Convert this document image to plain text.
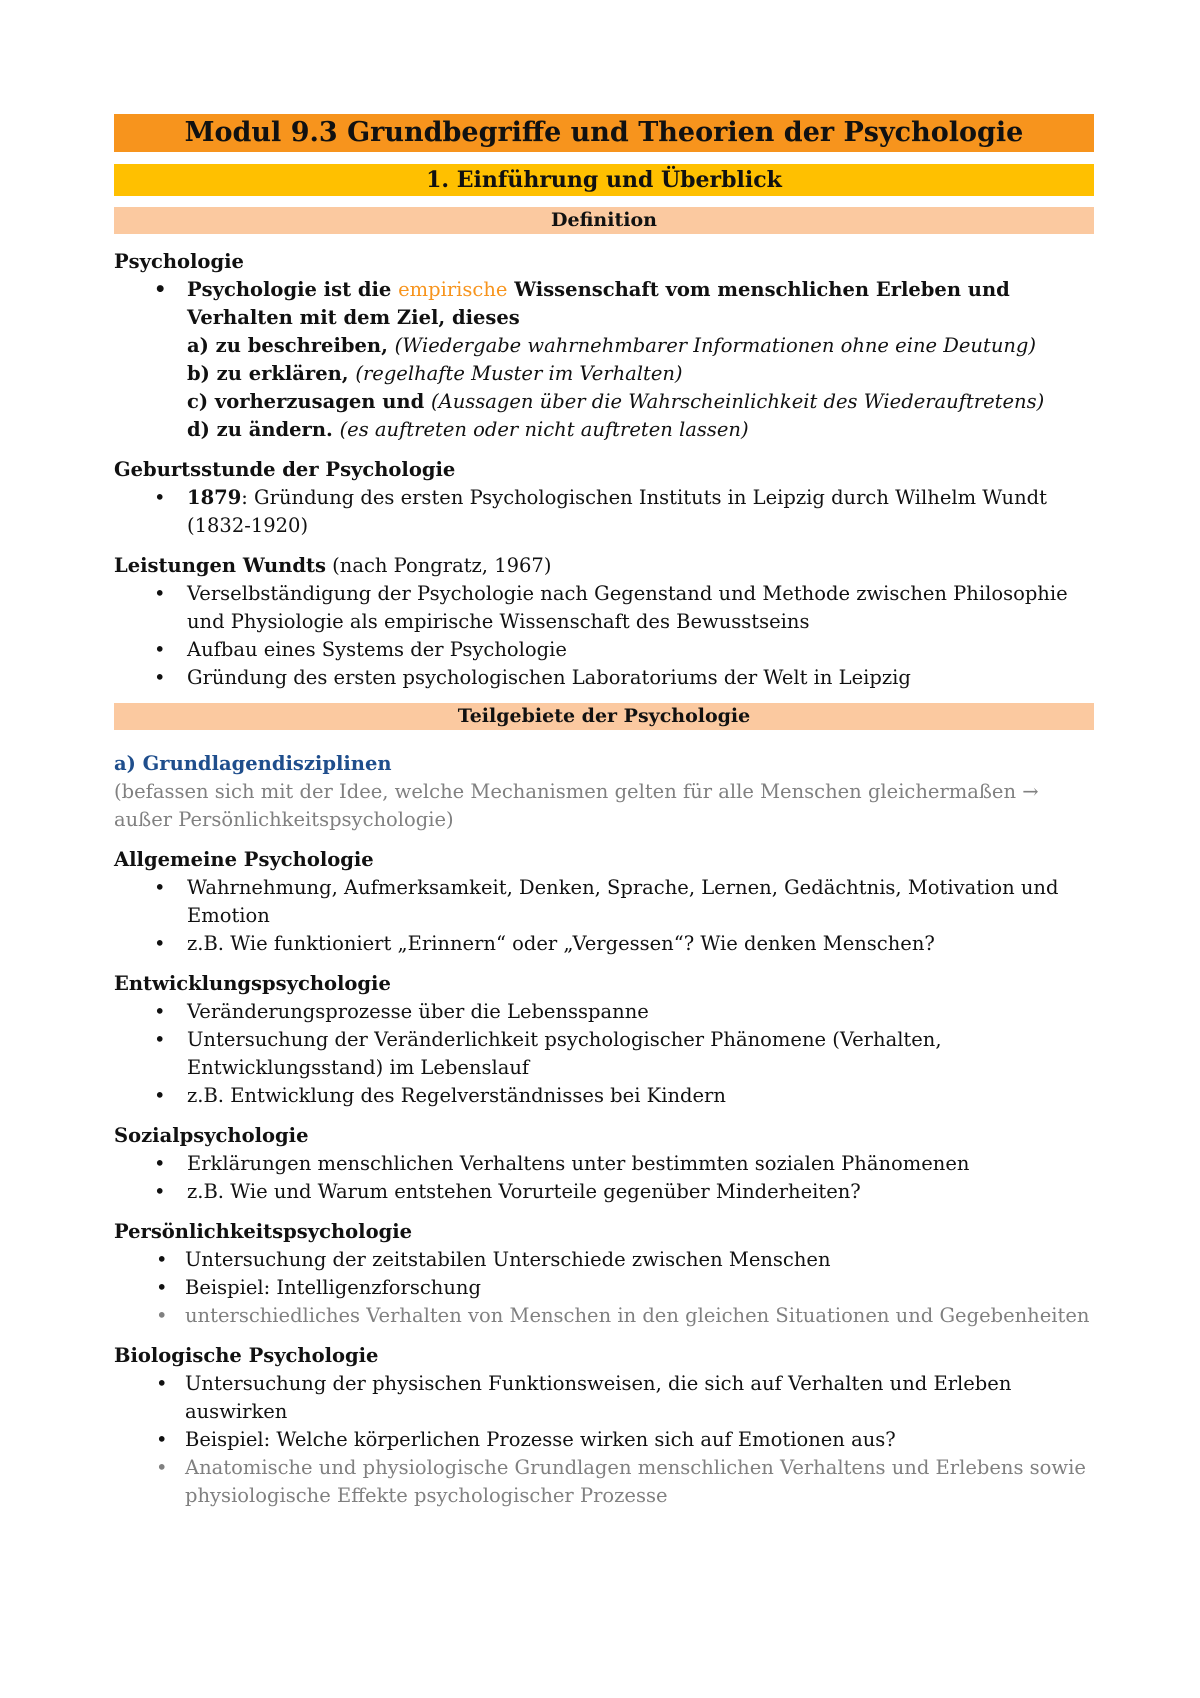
Modul 9.3 Grundbegriffe und Theorien der Psychologie
1. Einführung und Überblick
Definition
Psychologie
• Psychologie ist die empirische Wissenschaft vom menschlichen Erleben und Verhalten mit dem Ziel, dieses
a) zu beschreiben, (Wiedergabe wahrnehmbarer Informationen ohne eine Deutung)
b) zu erklären, (regelhafte Muster im Verhalten)
c) vorherzusagen und (Aussagen über die Wahrscheinlichkeit des Wiederauftretens)
d) zu ändern. (es auftreten oder nicht auftreten lassen)
Geburtsstunde der Psychologie
• 1879: Gründung des ersten Psychologischen Instituts in Leipzig durch Wilhelm Wundt (1832-1920)
Leistungen Wundts (nach Pongratz, 1967)
• Verselbständigung der Psychologie nach Gegenstand und Methode zwischen Philosophie und Physiologie als empirische Wissenschaft des Bewusstseins
• Aufbau eines Systems der Psychologie
• Gründung des ersten psychologischen Laboratoriums der Welt in Leipzig
Teilgebiete der Psychologie
a) Grundlagendisziplinen
(befassen sich mit der Idee, welche Mechanismen gelten für alle Menschen gleichermaßen → außer Persönlichkeitspsychologie)
Allgemeine Psychologie
• Wahrnehmung, Aufmerksamkeit, Denken, Sprache, Lernen, Gedächtnis, Motivation und Emotion
• z.B. Wie funktioniert „Erinnern“ oder „Vergessen“? Wie denken Menschen?
Entwicklungspsychologie
• Veränderungsprozesse über die Lebensspanne
• Untersuchung der Veränderlichkeit psychologischer Phänomene (Verhalten, Entwicklungsstand) im Lebenslauf
• z.B. Entwicklung des Regelverständnisses bei Kindern
Sozialpsychologie
• Erklärungen menschlichen Verhaltens unter bestimmten sozialen Phänomenen
• z.B. Wie und Warum entstehen Vorurteile gegenüber Minderheiten?
Persönlichkeitspsychologie
• Untersuchung der zeitstabilen Unterschiede zwischen Menschen
• Beispiel: Intelligenzforschung
• unterschiedliches Verhalten von Menschen in den gleichen Situationen und Gegebenheiten
Biologische Psychologie
• Untersuchung der physischen Funktionsweisen, die sich auf Verhalten und Erleben auswirken
• Beispiel: Welche körperlichen Prozesse wirken sich auf Emotionen aus?
• Anatomische und physiologische Grundlagen menschlichen Verhaltens und Erlebens sowie physiologische Effekte psychologischer Prozesse
